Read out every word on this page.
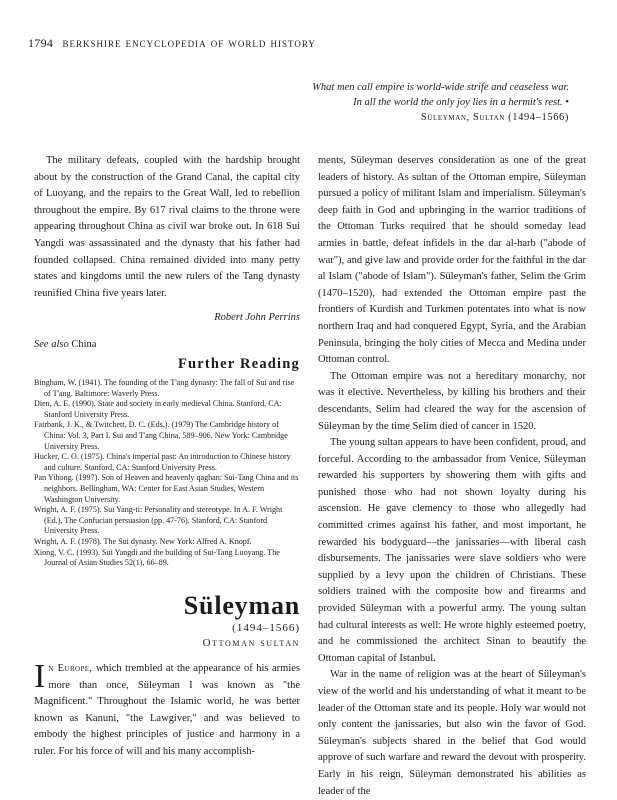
1794 berkshire encyclopedia of world history
What men call empire is world-wide strife and ceaseless war. In all the world the only joy lies in a hermit's rest. • Süleyman, Sultan (1494–1566)

The military defeats, coupled with the hardship brought about by the construction of the Grand Canal, the capital city of Luoyang, and the repairs to the Great Wall, led to rebellion throughout the empire. By 617 rival claims to the throne were appearing throughout China as civil war broke out. In 618 Sui Yangdi was assassinated and the dynasty that his father had founded collapsed. China remained divided into many petty states and kingdoms until the new rulers of the Tang dynasty reunified China five years later.

Robert John Perrins
See also China
Further Reading

Bingham, W. (1941). The founding of the T'ang dynasty: The fall of Sui and rise of T'ang. Baltimore: Waverly Press.

Dien, A. E. (1990). State and society in early medieval China. Stanford, CA: Stanford University Press.

Fairbank, J. K., & Twitchett, D. C. (Eds.). (1979) The Cambridge history of China: Vol. 3, Part I. Sui and T'ang China, 589–906. New York: Cambridge University Press.

Hucker, C. O. (1975). China's imperial past: An introduction to Chinese history and culture. Stanford, CA: Stanford University Press.

Pan Yihong. (1997). Son of Heaven and heavenly qaghan: Sui-Tang China and its neighbors. Bellingham, WA: Center for East Asian Studies, Western Washington University.

Wright, A. F. (1975). Sui Yang-ti: Personality and stereotype. In A. F. Wright (Ed.), The Confucian persuasion (pp. 47-76). Stanford, CA: Stanford University Press.

Wright, A. F. (1978). The Sui dynasty. New York: Alfred A. Knopf.

Xiong, V. C. (1993). Sui Yangdi and the building of Sui-Tang Luoyang. The Journal of Asian Studies 52(1), 66–89.

Süleyman
(1494–1566)
Ottoman sultan
In Europe, which trembled at the appearance of his armies more than once, Süleyman I was known as "the Magnificent." Throughout the Islamic world, he was better known as Kanuni, "the Lawgiver," and was believed to embody the highest principles of justice and harmony in a ruler. For his force of will and his many accomplish-

ments, Süleyman deserves consideration as one of the great leaders of history. As sultan of the Ottoman empire, Süleyman pursued a policy of militant Islam and imperialism. Süleyman's deep faith in God and upbringing in the warrior traditions of the Ottoman Turks required that he should someday lead armies in battle, defeat infidels in the dar al-harb ("abode of war"), and give law and provide order for the faithful in the dar al Islam ("abode of Islam"). Süleyman's father, Selim the Grim (1470–1520), had extended the Ottoman empire past the frontiers of Kurdish and Turkmen potentates into what is now northern Iraq and had conquered Egypt, Syria, and the Arabian Peninsula, bringing the holy cities of Mecca and Medina under Ottoman control.

The Ottoman empire was not a hereditary monarchy, nor was it elective. Nevertheless, by killing his brothers and their descendants, Selim had cleared the way for the ascension of Süleyman by the time Selim died of cancer in 1520.

The young sultan appears to have been confident, proud, and forceful. According to the ambassador from Venice, Süleyman rewarded his supporters by showering them with gifts and punished those who had not shown loyalty during his ascension. He gave clemency to those who allegedly had committed crimes against his father, and most important, he rewarded his bodyguard—the janissaries—with liberal cash disbursements. The janissaries were slave soldiers who were supplied by a levy upon the children of Christians. These soldiers trained with the composite bow and firearms and provided Süleyman with a powerful army. The young sultan had cultural interests as well: He wrote highly esteemed poetry, and he commissioned the architect Sinan to beautify the Ottoman capital of Istanbul.

War in the name of religion was at the heart of Süleyman's view of the world and his understanding of what it meant to be leader of the Ottoman state and its people. Holy war would not only content the janissaries, but also win the favor of God. Süleyman's subjects shared in the belief that God would approve of such warfare and reward the devout with prosperity. Early in his reign, Süleyman demonstrated his abilities as leader of the
